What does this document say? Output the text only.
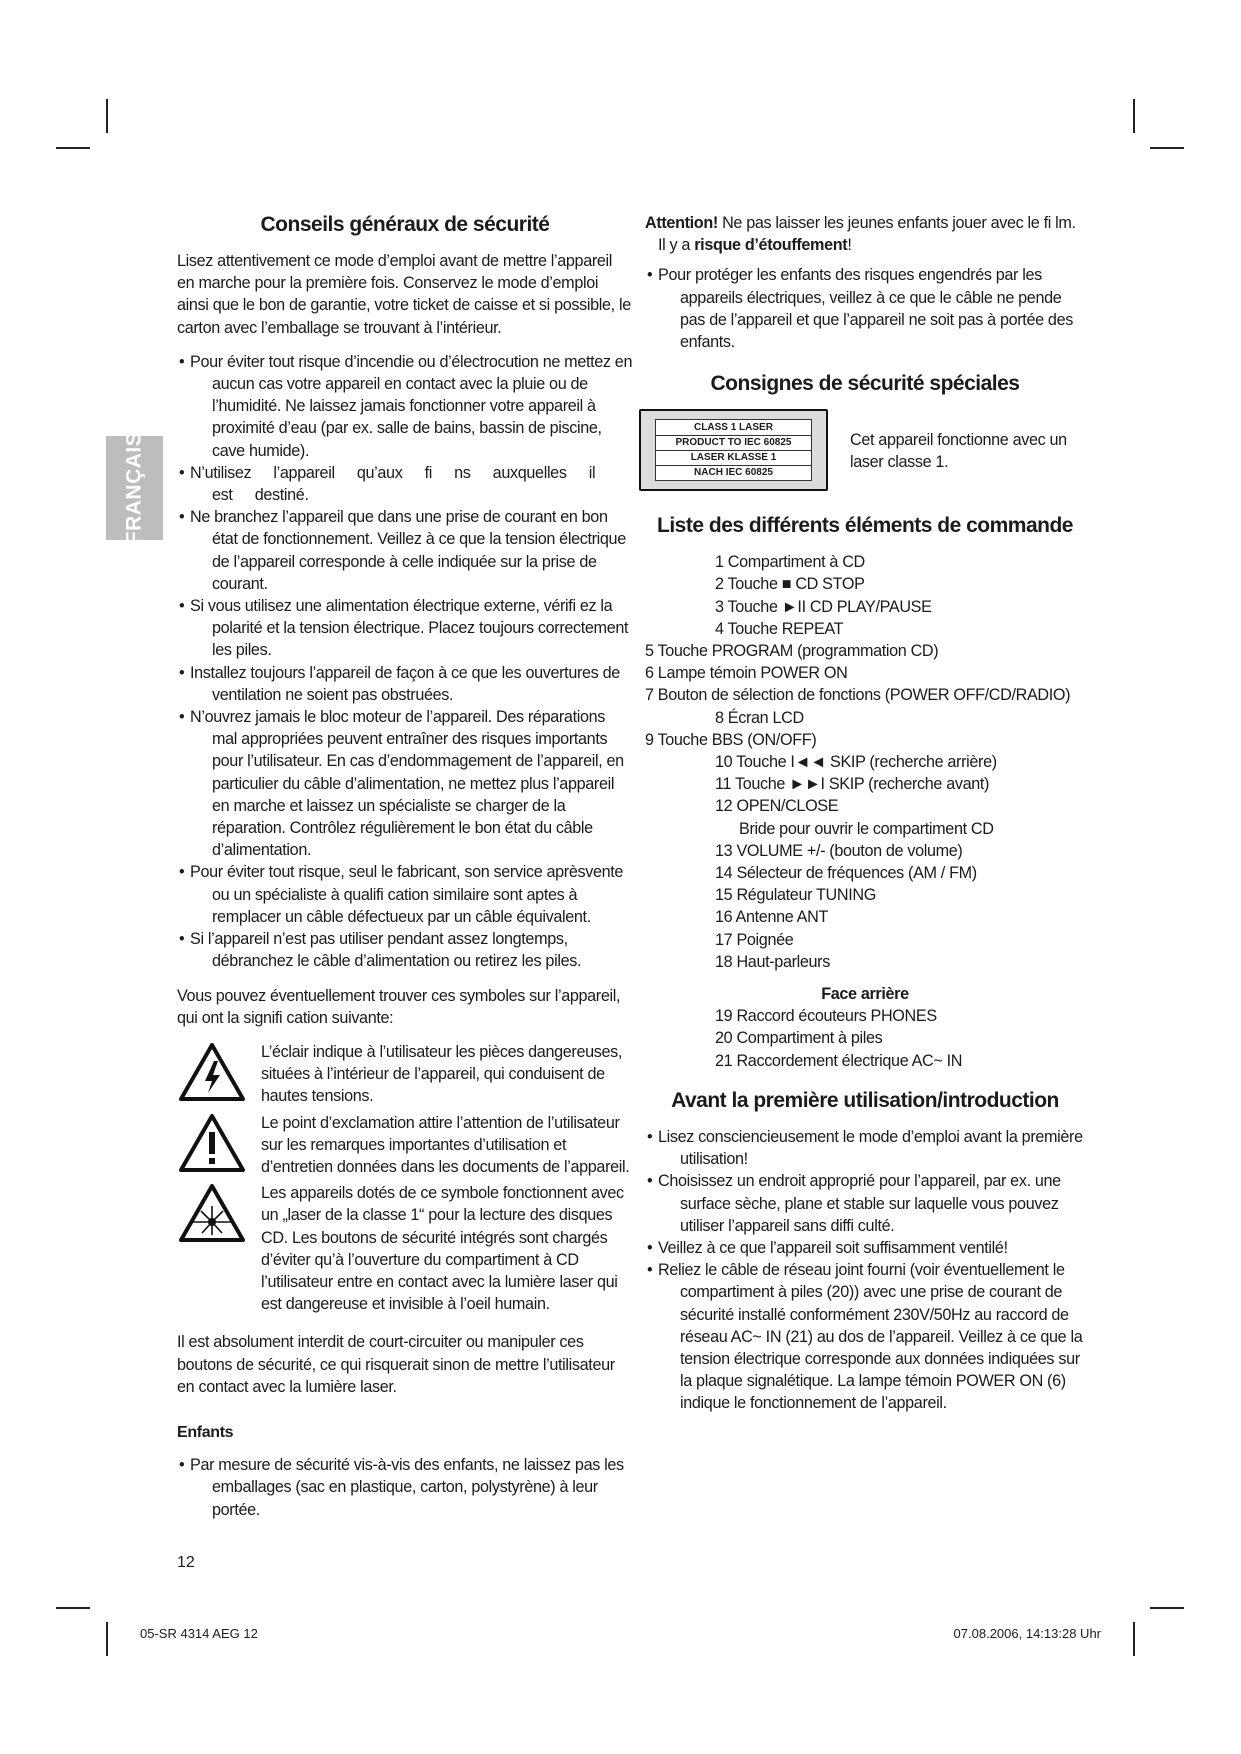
FRANÇAIS
Conseils généraux de sécurité

Lisez attentivement ce mode d’emploi avant de mettre l’appareil en marche pour la première fois. Conservez le mode d’emploi ainsi que le bon de garantie, votre ticket de caisse et si possible, le carton avec l’emballage se trouvant à l’intérieur.

• Pour éviter tout risque d’incendie ou d’électrocution ne mettez en aucun cas votre appareil en contact avec la pluie ou de l’humidité. Ne laissez jamais fonctionner votre appareil à proximité d’eau (par ex. salle de bains, bassin de piscine, cave humide).
• N’utilisez l’appareil qu’aux fi ns auxquelles il est destiné.
• Ne branchez l’appareil que dans une prise de courant en bon état de fonctionnement. Veillez à ce que la tension électrique de l’appareil corresponde à celle indiquée sur la prise de courant.
• Si vous utilisez une alimentation électrique externe, vérifi ez la polarité et la tension électrique. Placez toujours correctement les piles.
• Installez toujours l’appareil de façon à ce que les ouvertures de ventilation ne soient pas obstruées.
• N’ouvrez jamais le bloc moteur de l’appareil. Des réparations mal appropriées peuvent entraîner des risques importants pour l’utilisateur. En cas d’endommagement de l’appareil, en particulier du câble d’alimentation, ne mettez plus l’appareil en marche et laissez un spécialiste se charger de la réparation. Contrôlez régulièrement le bon état du câble d’alimentation.
• Pour éviter tout risque, seul le fabricant, son service aprèsvente ou un spécialiste à qualifi cation similaire sont aptes à remplacer un câble défectueux par un câble équivalent.
• Si l’appareil n’est pas utiliser pendant assez longtemps, débranchez le câble d’alimentation ou retirez les piles.

Vous pouvez éventuellement trouver ces symboles sur l’appareil, qui ont la signifi cation suivante:

L’éclair indique à l’utilisateur les pièces dangereuses, situées à l’intérieur de l’appareil, qui conduisent de hautes tensions.
Le point d’exclamation attire l’attention de l’utilisateur sur les remarques importantes d’utilisation et d’entretien données dans les documents de l’appareil.
Les appareils dotés de ce symbole fonctionnent avec un „laser de la classe 1“ pour la lecture des disques CD. Les boutons de sécurité intégrés sont chargés d’éviter qu’à l’ouverture du compartiment à CD l’utilisateur entre en contact avec la lumière laser qui est dangereuse et invisible à l’oeil humain.

Il est absolument interdit de court-circuiter ou manipuler ces boutons de sécurité, ce qui risquerait sinon de mettre l’utilisateur en contact avec la lumière laser.

Enfants
• Par mesure de sécurité vis-à-vis des enfants, ne laissez pas les emballages (sac en plastique, carton, polystyrène) à leur portée.
12

Attention! Ne pas laisser les jeunes enfants jouer avec le fi lm. Il y a risque d’étouffement!

• Pour protéger les enfants des risques engendrés par les appareils électriques, veillez à ce que le câble ne pende pas de l’appareil et que l’appareil ne soit pas à portée des enfants.
Consignes de sécurité spéciales
CLASS 1 LASER
PRODUCT TO IEC 60825
LASER KLASSE 1
NACH IEC 60825
Cet appareil fonctionne avec un laser classe 1.
Liste des différents éléments de commande
1 Compartiment à CD
2 Touche ■ CD STOP
3 Touche ►II CD PLAY/PAUSE
4 Touche REPEAT
5 Touche PROGRAM (programmation CD)
6 Lampe témoin POWER ON
7 Bouton de sélection de fonctions (POWER OFF/CD/RADIO)
8 Écran LCD
9 Touche BBS (ON/OFF)
10 Touche I◄◄ SKIP (recherche arrière)
11 Touche ►►I SKIP (recherche avant)
12 OPEN/CLOSE
Bride pour ouvrir le compartiment CD
13 VOLUME +/- (bouton de volume)
14 Sélecteur de fréquences (AM / FM)
15 Régulateur TUNING
16 Antenne ANT
17 Poignée
18 Haut-parleurs
Face arrière
19 Raccord écouteurs PHONES
20 Compartiment à piles
21 Raccordement électrique AC~ IN
Avant la première utilisation/introduction
• Lisez consciencieusement le mode d’emploi avant la première utilisation!
• Choisissez un endroit approprié pour l’appareil, par ex. une surface sèche, plane et stable sur laquelle vous pouvez utiliser l’appareil sans diffi culté.
• Veillez à ce que l’appareil soit suffisamment ventilé!
• Reliez le câble de réseau joint fourni (voir éventuellement le compartiment à piles (20)) avec une prise de courant de sécurité installé conformément 230V/50Hz au raccord de réseau AC~ IN (21) au dos de l’appareil. Veillez à ce que la tension électrique corresponde aux données indiquées sur la plaque signalétique. La lampe témoin POWER ON (6) indique le fonctionnement de l’appareil.
05-SR 4314 AEG 12	07.08.2006, 14:13:28 Uhr
